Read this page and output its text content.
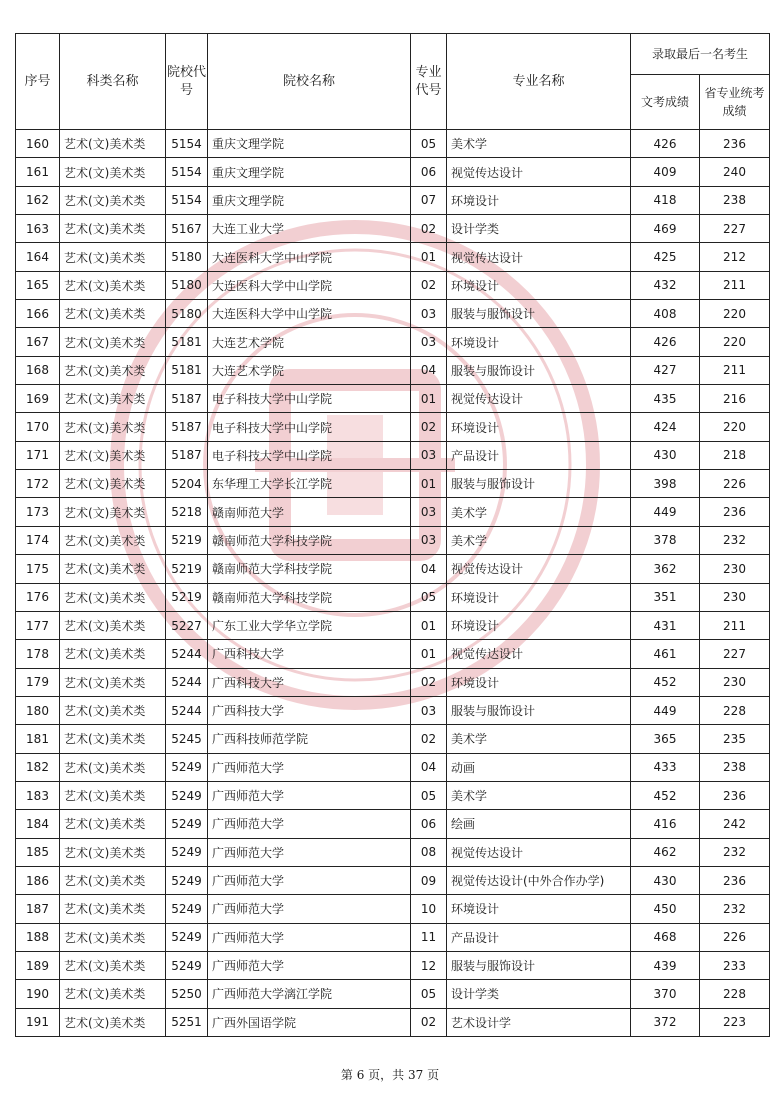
序号	科类名称	院校代号	院校名称	专业代号	专业名称	录取最后一名考生	
						文考成绩	省专业统考成绩
160	艺术(文)美术类	5154	重庆文理学院	05	美术学	426	236
161	艺术(文)美术类	5154	重庆文理学院	06	视觉传达设计	409	240
162	艺术(文)美术类	5154	重庆文理学院	07	环境设计	418	238
163	艺术(文)美术类	5167	大连工业大学	02	设计学类	469	227
164	艺术(文)美术类	5180	大连医科大学中山学院	01	视觉传达设计	425	212
165	艺术(文)美术类	5180	大连医科大学中山学院	02	环境设计	432	211
166	艺术(文)美术类	5180	大连医科大学中山学院	03	服装与服饰设计	408	220
167	艺术(文)美术类	5181	大连艺术学院	03	环境设计	426	220
168	艺术(文)美术类	5181	大连艺术学院	04	服装与服饰设计	427	211
169	艺术(文)美术类	5187	电子科技大学中山学院	01	视觉传达设计	435	216
170	艺术(文)美术类	5187	电子科技大学中山学院	02	环境设计	424	220
171	艺术(文)美术类	5187	电子科技大学中山学院	03	产品设计	430	218
172	艺术(文)美术类	5204	东华理工大学长江学院	01	服装与服饰设计	398	226
173	艺术(文)美术类	5218	赣南师范大学	03	美术学	449	236
174	艺术(文)美术类	5219	赣南师范大学科技学院	03	美术学	378	232
175	艺术(文)美术类	5219	赣南师范大学科技学院	04	视觉传达设计	362	230
176	艺术(文)美术类	5219	赣南师范大学科技学院	05	环境设计	351	230
177	艺术(文)美术类	5227	广东工业大学华立学院	01	环境设计	431	211
178	艺术(文)美术类	5244	广西科技大学	01	视觉传达设计	461	227
179	艺术(文)美术类	5244	广西科技大学	02	环境设计	452	230
180	艺术(文)美术类	5244	广西科技大学	03	服装与服饰设计	449	228
181	艺术(文)美术类	5245	广西科技师范学院	02	美术学	365	235
182	艺术(文)美术类	5249	广西师范大学	04	动画	433	238
183	艺术(文)美术类	5249	广西师范大学	05	美术学	452	236
184	艺术(文)美术类	5249	广西师范大学	06	绘画	416	242
185	艺术(文)美术类	5249	广西师范大学	08	视觉传达设计	462	232
186	艺术(文)美术类	5249	广西师范大学	09	视觉传达设计(中外合作办学)	430	236
187	艺术(文)美术类	5249	广西师范大学	10	环境设计	450	232
188	艺术(文)美术类	5249	广西师范大学	11	产品设计	468	226
189	艺术(文)美术类	5249	广西师范大学	12	服装与服饰设计	439	233
190	艺术(文)美术类	5250	广西师范大学漓江学院	05	设计学类	370	228
191	艺术(文)美术类	5251	广西外国语学院	02	艺术设计学	372	223
第 6 页，共 37 页
